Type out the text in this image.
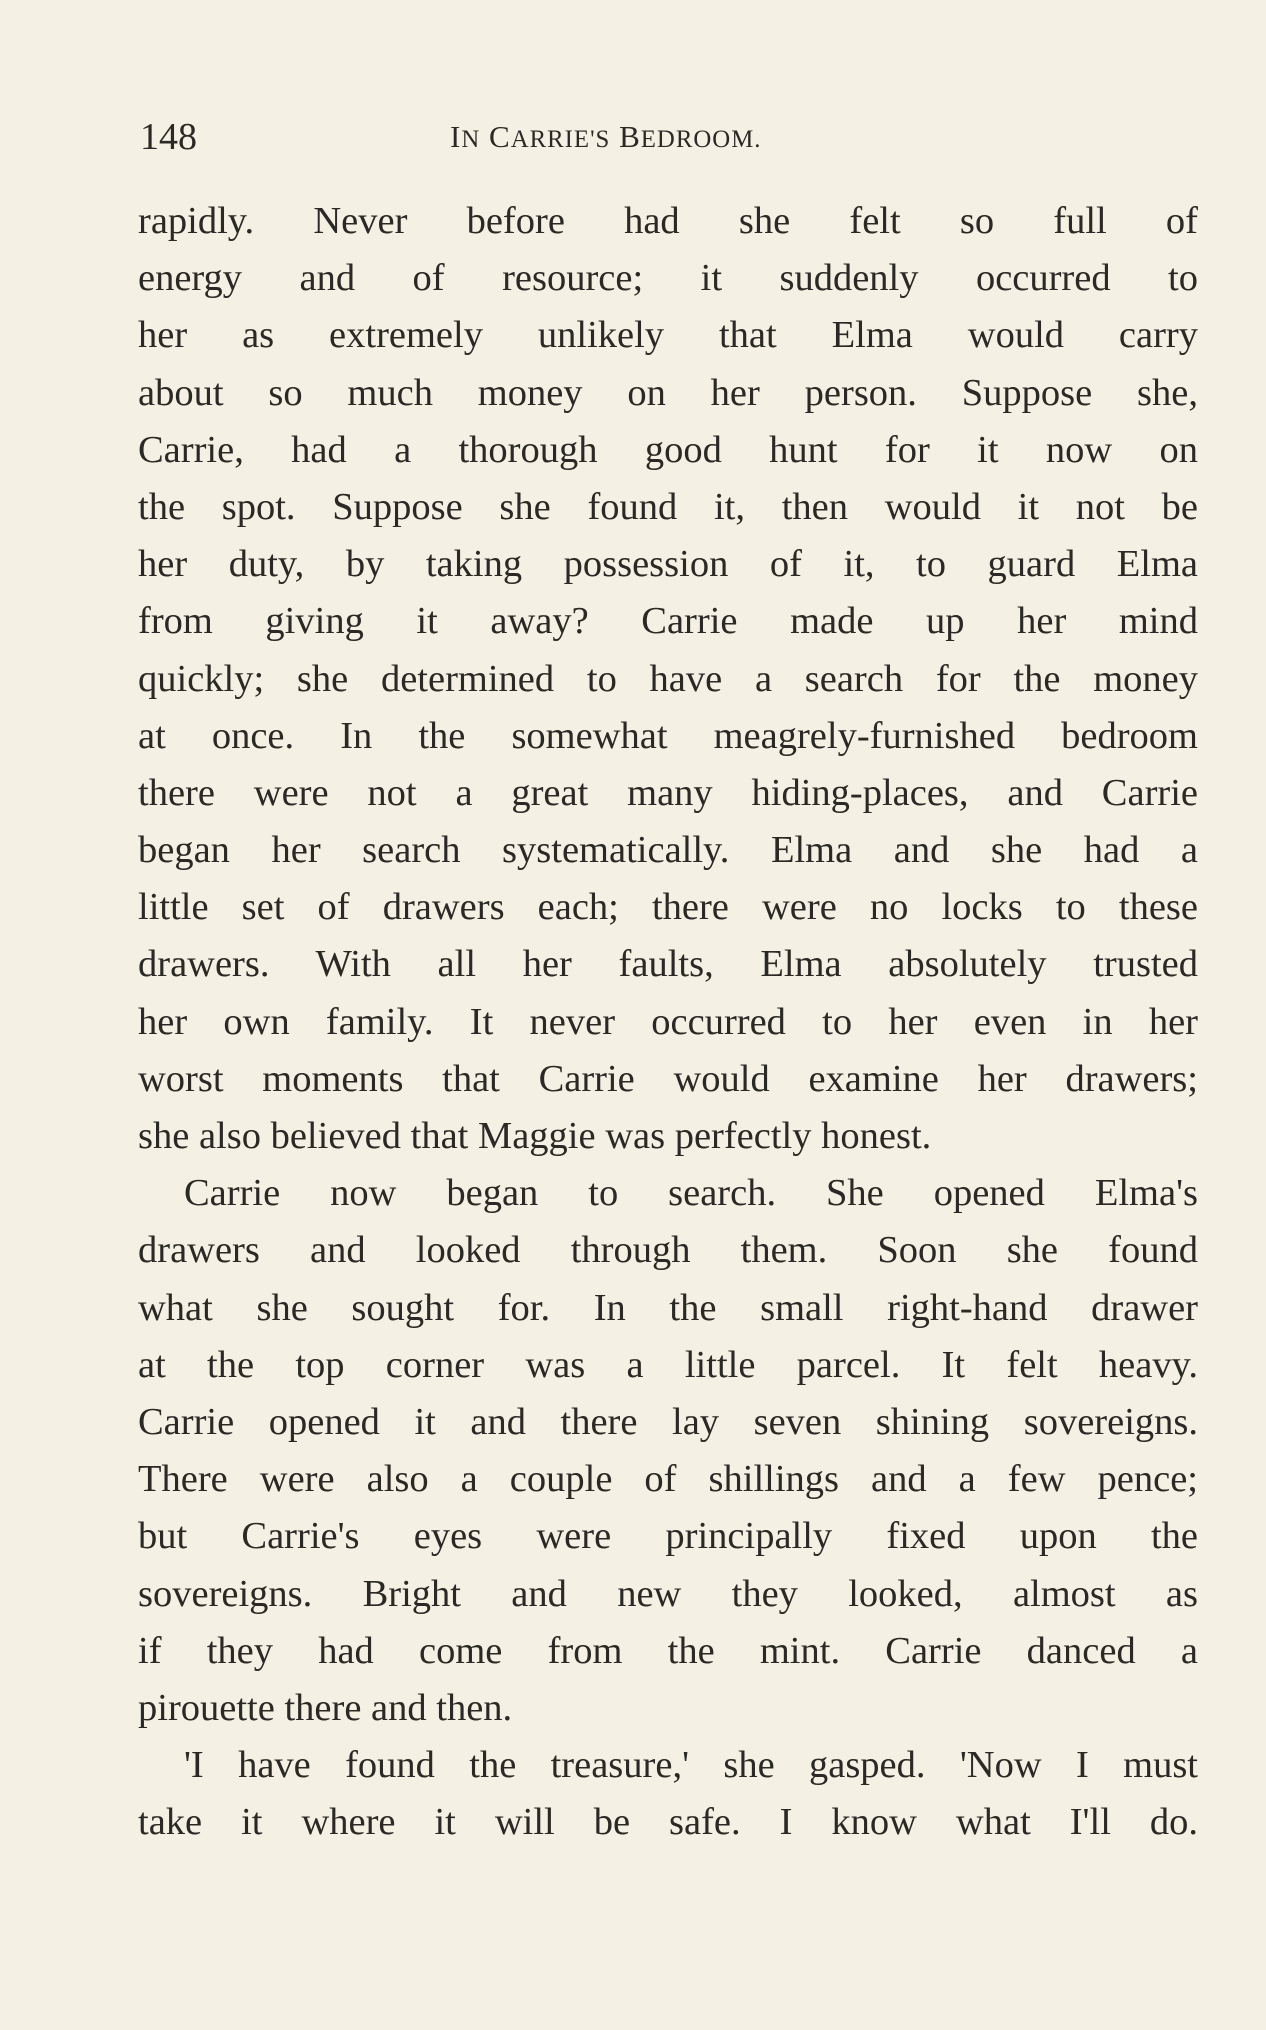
148	IN CARRIE'S BEDROOM.
rapidly. Never before had she felt so full of
energy and of resource; it suddenly occurred to
her as extremely unlikely that Elma would carry
about so much money on her person. Suppose she,
Carrie, had a thorough good hunt for it now on
the spot. Suppose she found it, then would it not be
her duty, by taking possession of it, to guard Elma
from giving it away? Carrie made up her mind
quickly; she determined to have a search for the money
at once. In the somewhat meagrely-furnished bedroom
there were not a great many hiding-places, and Carrie
began her search systematically. Elma and she had a
little set of drawers each; there were no locks to these
drawers. With all her faults, Elma absolutely trusted
her own family. It never occurred to her even in her
worst moments that Carrie would examine her drawers;
she also believed that Maggie was perfectly honest.
Carrie now began to search. She opened Elma's
drawers and looked through them. Soon she found
what she sought for. In the small right-hand drawer
at the top corner was a little parcel. It felt heavy.
Carrie opened it and there lay seven shining sovereigns.
There were also a couple of shillings and a few pence;
but Carrie's eyes were principally fixed upon the
sovereigns. Bright and new they looked, almost as
if they had come from the mint. Carrie danced a
pirouette there and then.
'I have found the treasure,' she gasped. 'Now I must
take it where it will be safe. I know what I'll do.
